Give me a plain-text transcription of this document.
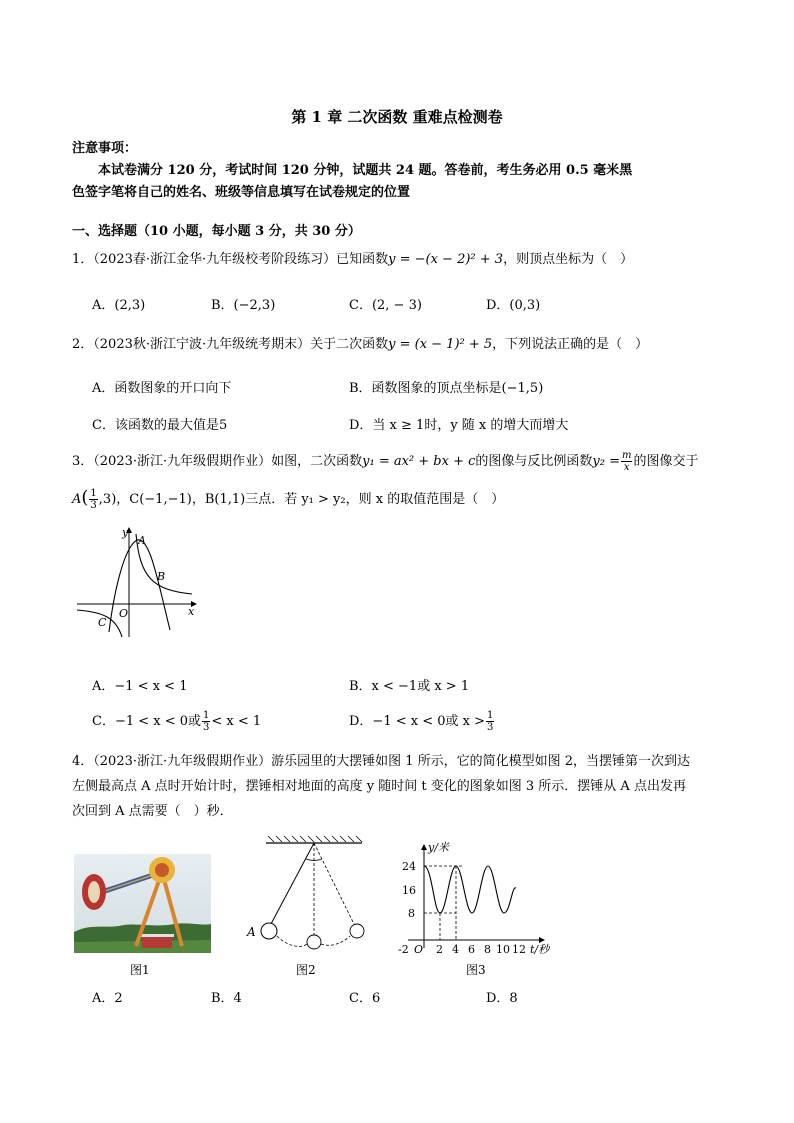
第 1 章 二次函数 重难点检测卷
注意事项：
本试卷满分 120 分，考试时间 120 分钟，试题共 24 题。答卷前，考生务必用 0.5 毫米黑
色签字笔将自己的姓名、班级等信息填写在试卷规定的位置
一、选择题（10 小题，每小题 3 分，共 30 分）
1．（2023春·浙江金华·九年级校考阶段练习）已知函数y = −(x − 2)² + 3，则顶点坐标为（　）
A．(2,3)	B．(−2,3)	C．(2, − 3)	D．(0,3)
2．（2023秋·浙江宁波·九年级统考期末）关于二次函数y = (x − 1)² + 5，下列说法正确的是（　）
A．函数图象的开口向下	B．函数图象的顶点坐标是(−1,5)
C．该函数的最大值是5	D．当 x ≥ 1时，y 随 x 的增大而增大
3．（2023·浙江·九年级假期作业）如图，二次函数y₁ = ax² + bx + c的图像与反比例函数$y_2 = \frac{m}{x}$ 的图像交于
$A( \frac{1}{3} ,3)$，C(−1,−1)，B(1,1)三点．若 y₁ > y₂，则 x 的取值范围是（　）
y
x
O
A
B
C
A．−1 < x < 1	B．x < −1或 x > 1
C．−1 < x < 0或 $\frac{1}{3} < x < 1$	D．−1 < x < 0或 $x > \frac{1}{3}$
4．（2023·浙江·九年级假期作业）游乐园里的大摆锤如图 1 所示，它的简化模型如图 2，当摆锤第一次到达
左侧最高点 A 点时开始计时，摆锤相对地面的高度 y 随时间 t 变化的图象如图 3 所示．摆锤从 A 点出发再
次回到 A 点需要（　）秒．
A
y/米
24
16
8
-2 O 2 4 6 8 10 12 t/秒
图1	图2	图3
A．2	B．4	C．6	D．8
